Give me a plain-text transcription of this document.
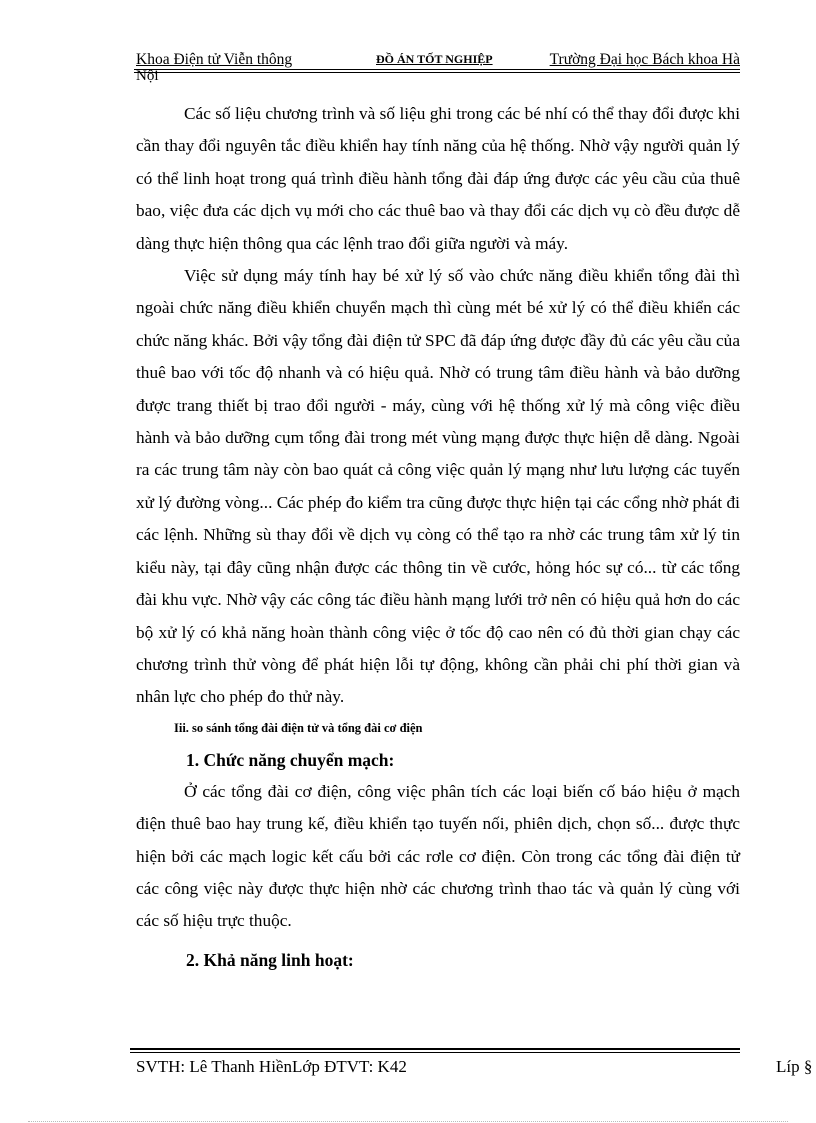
Khoa Điện tử Viễn thông	ĐỒ ÁN TỐT NGHIỆP	Trường Đại học Bách khoa Hà
Nội

Các số liệu chương trình và số liệu ghi trong các bé nhí có thể thay đổi được khi cần thay đổi nguyên tắc điều khiển hay tính năng của hệ thống. Nhờ vậy người quản lý có thể linh hoạt trong quá trình điều hành tổng đài đáp ứng được các yêu cầu của thuê bao, việc đưa các dịch vụ mới cho các thuê bao và thay đổi các dịch vụ cò đều được dễ dàng thực hiện thông qua các lệnh trao đổi giữa người và máy.

Việc sử dụng máy tính hay bé xử lý số vào chức năng điều khiển tổng đài thì ngoài chức năng điều khiển chuyển mạch thì cùng mét bé xử lý có thể điều khiển các chức năng khác. Bởi vậy tổng đài điện tử SPC đã đáp ứng được đầy đủ các yêu cầu của thuê bao với tốc độ nhanh và có hiệu quả. Nhờ có trung tâm điều hành và bảo dưỡng được trang thiết bị trao đổi người - máy, cùng với hệ thống xử lý mà công việc điều hành và bảo dưỡng cụm tổng đài trong mét vùng mạng được thực hiện dễ dàng. Ngoài ra các trung tâm này còn bao quát cả công việc quản lý mạng như lưu lượng các tuyến xử lý đường vòng... Các phép đo kiểm tra cũng được thực hiện tại các cổng nhờ phát đi các lệnh. Những sù thay đổi về dịch vụ còng có thể tạo ra nhờ các trung tâm xử lý tin kiểu này, tại đây cũng nhận được các thông tin về cước, hỏng hóc sự có... từ các tổng đài khu vực. Nhờ vậy các công tác điều hành mạng lưới trở nên có hiệu quả hơn do các bộ xử lý có khả năng hoàn thành công việc ở tốc độ cao nên có đủ thời gian chạy các chương trình thử vòng để phát hiện lỗi tự động, không cần phải chi phí thời gian và nhân lực cho phép đo thử này.

Iii. so sánh tổng đài điện tử và tổng đài cơ điện

1. Chức năng chuyển mạch:

Ở các tổng đài cơ điện, công việc phân tích các loại biến cố báo hiệu ở mạch điện thuê bao hay trung kế, điều khiển tạo tuyến nối, phiên dịch, chọn số... được thực hiện bởi các mạch logic kết cấu bởi các rơle cơ điện. Còn trong các tổng đài điện tử các công việc này được thực hiện nhờ các chương trình thao tác và quản lý cùng với các số hiệu trực thuộc.

2. Khả năng linh hoạt:

SVTH: Lê Thanh HiềnLớp ĐTVT: K42	Líp §
